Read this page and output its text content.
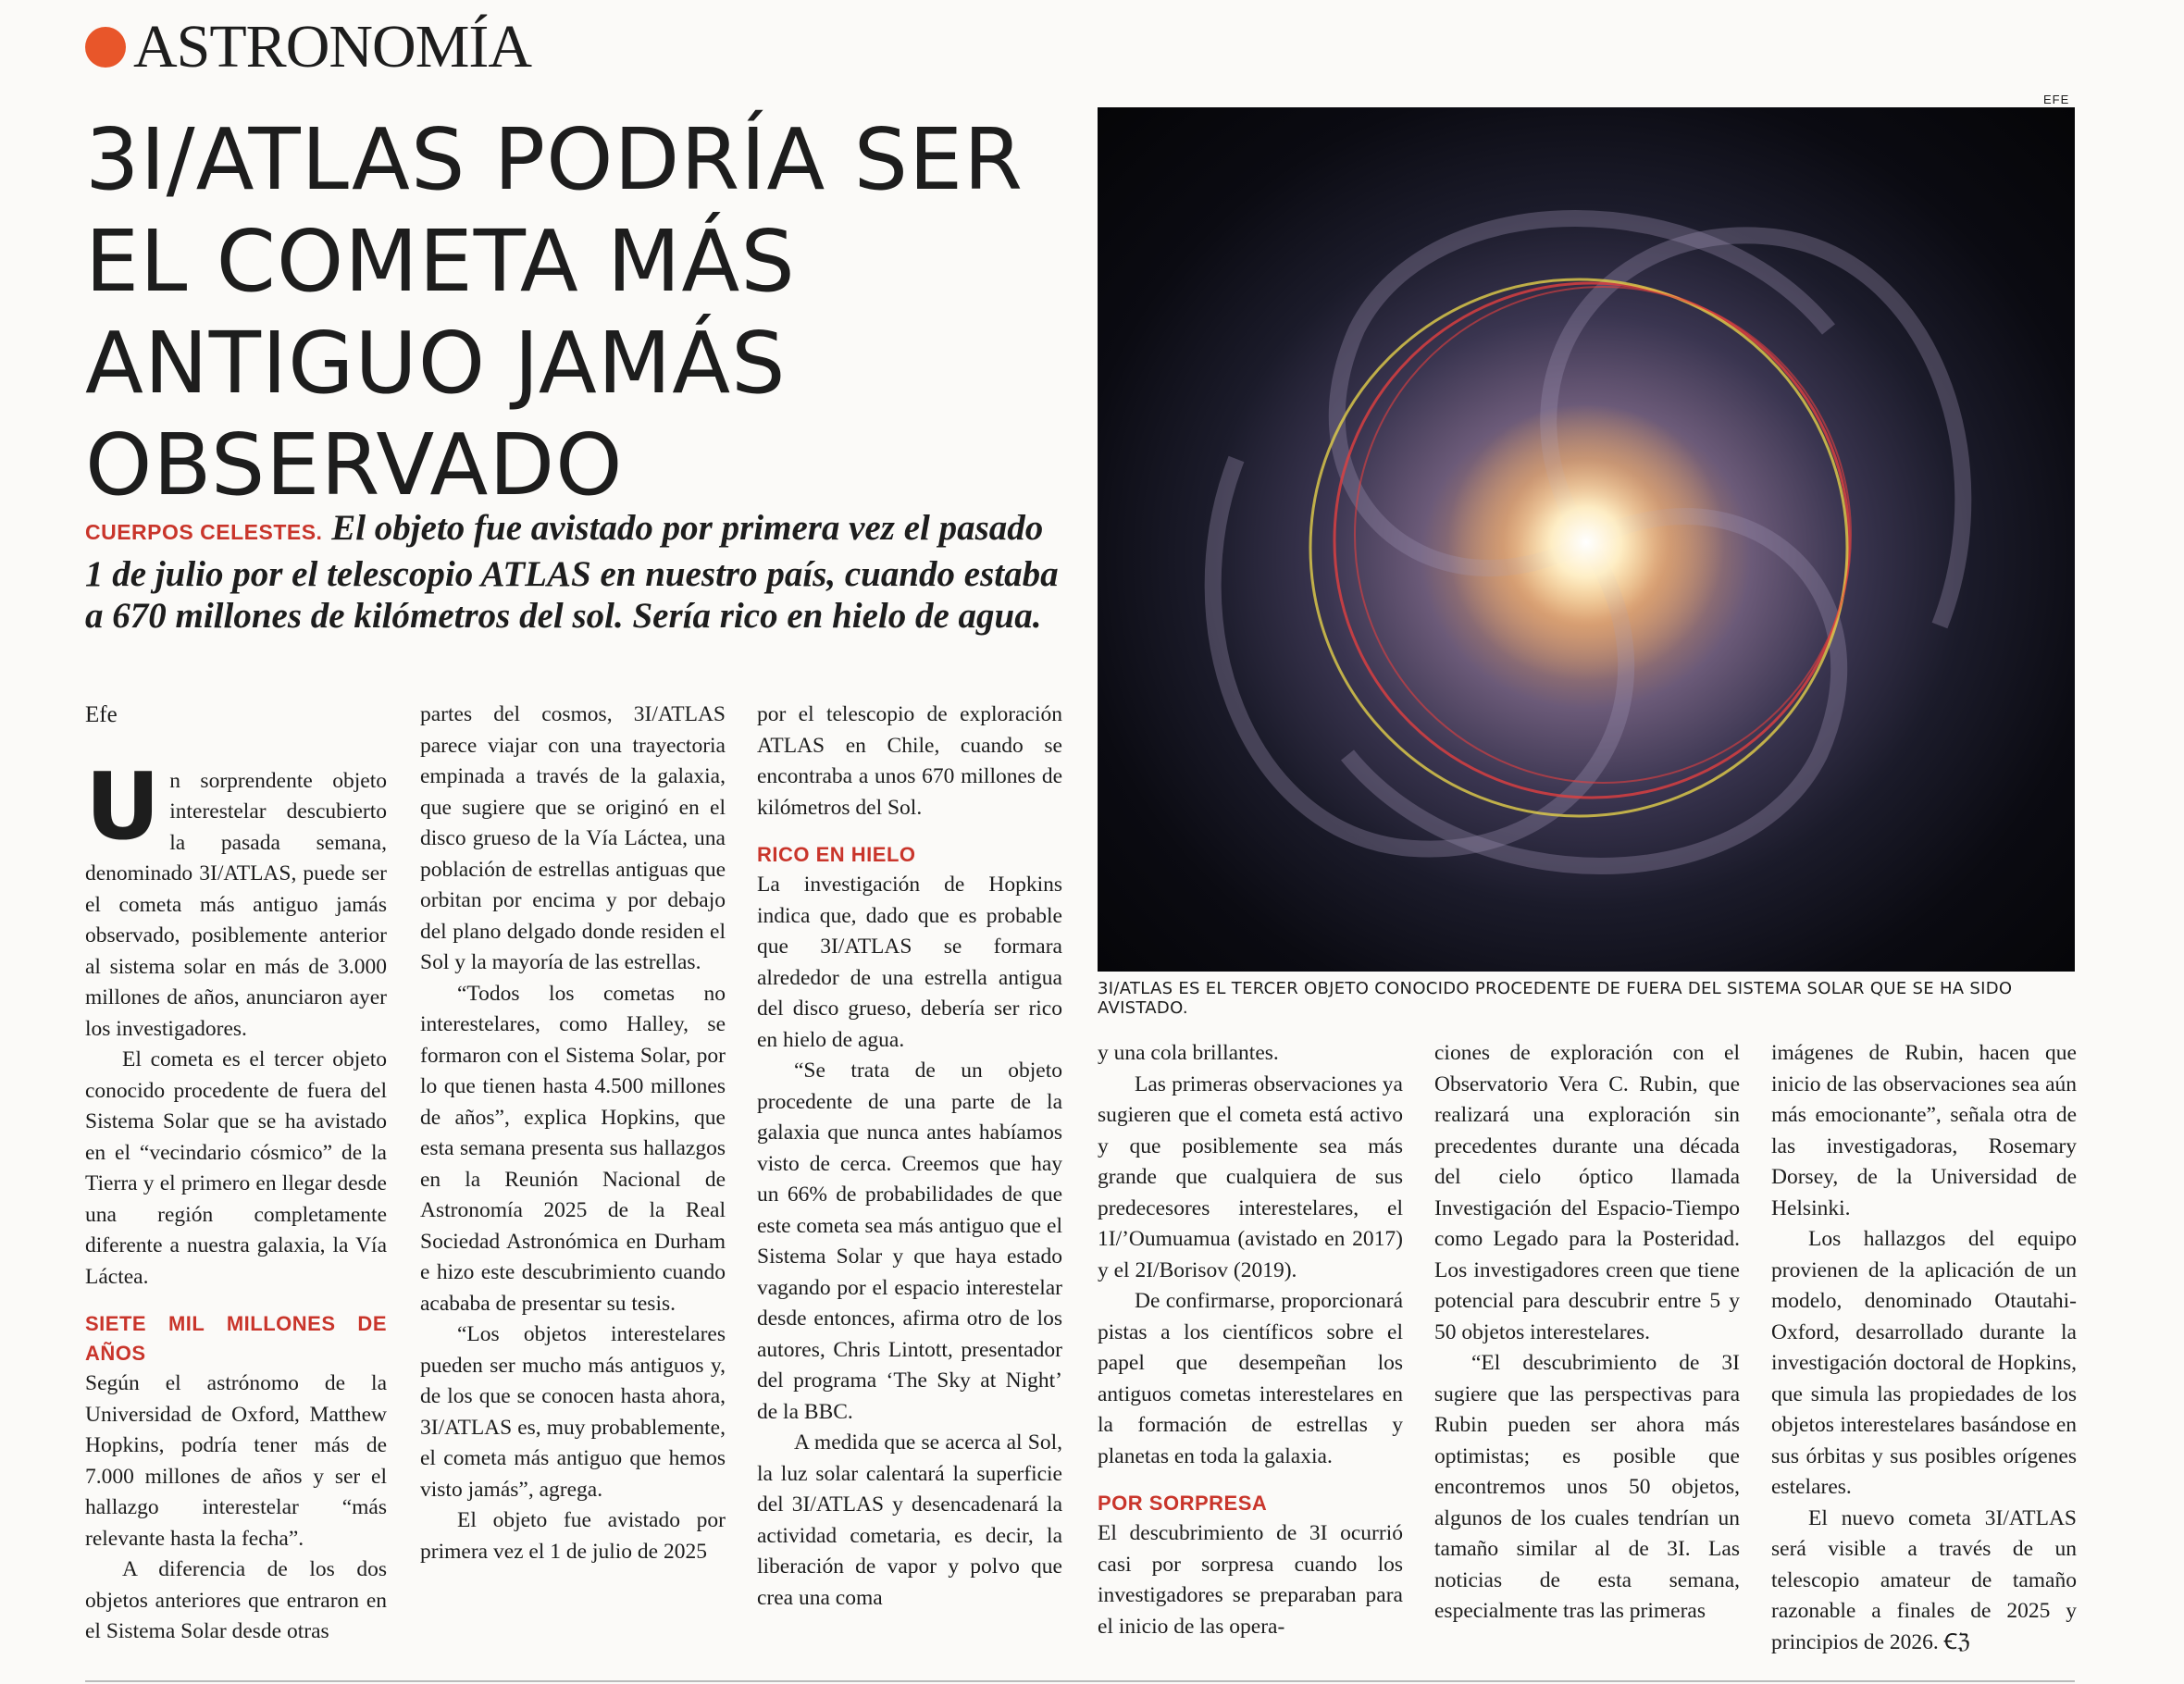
ASTRONOMÍA
3I/ATLAS PODRÍA SER EL COMETA MÁS ANTIGUO JAMÁS OBSERVADO

CUERPOS CELESTES. El objeto fue avistado por primera vez el pasado 1 de julio por el telescopio ATLAS en nuestro país, cuando estaba a 670 millones de kilómetros del sol. Sería rico en hielo de agua.

EFE
3I/ATLAS ES EL TERCER OBJETO CONOCIDO PROCEDENTE DE FUERA DEL SISTEMA SOLAR QUE SE HA SIDO AVISTADO.
Efe

Un sorprendente objeto interestelar descubierto la pasada semana, denominado 3I/ATLAS, puede ser el cometa más antiguo jamás observado, posiblemente anterior al sistema solar en más de 3.000 millones de años, anunciaron ayer los investigadores.

El cometa es el tercer objeto conocido procedente de fuera del Sistema Solar que se ha avistado en el “vecindario cósmico” de la Tierra y el primero en llegar desde una región completamente diferente a nuestra galaxia, la Vía Láctea.

SIETE MIL MILLONES DE AÑOS

Según el astrónomo de la Universidad de Oxford, Matthew Hopkins, podría tener más de 7.000 millones de años y ser el hallazgo interestelar “más relevante hasta la fecha”.

A diferencia de los dos objetos anteriores que entraron en el Sistema Solar desde otras

partes del cosmos, 3I/ATLAS parece viajar con una trayectoria empinada a través de la galaxia, que sugiere que se originó en el disco grueso de la Vía Láctea, una población de estrellas antiguas que orbitan por encima y por debajo del plano delgado donde residen el Sol y la mayoría de las estrellas.

“Todos los cometas no interestelares, como Halley, se formaron con el Sistema Solar, por lo que tienen hasta 4.500 millones de años”, explica Hopkins, que esta semana presenta sus hallazgos en la Reunión Nacional de Astronomía 2025 de la Real Sociedad Astronómica en Durham e hizo este descubrimiento cuando acababa de presentar su tesis.

“Los objetos interestelares pueden ser mucho más antiguos y, de los que se conocen hasta ahora, 3I/ATLAS es, muy probablemente, el cometa más antiguo que hemos visto jamás”, agrega.

El objeto fue avistado por primera vez el 1 de julio de 2025

por el telescopio de exploración ATLAS en Chile, cuando se encontraba a unos 670 millones de kilómetros del Sol.

RICO EN HIELO

La investigación de Hopkins indica que, dado que es probable que 3I/ATLAS se formara alrededor de una estrella antigua del disco grueso, debería ser rico en hielo de agua.

“Se trata de un objeto procedente de una parte de la galaxia que nunca antes habíamos visto de cerca. Creemos que hay un 66% de probabilidades de que este cometa sea más antiguo que el Sistema Solar y que haya estado vagando por el espacio interestelar desde entonces, afirma otro de los autores, Chris Lintott, presentador del programa ‘The Sky at Night’ de la BBC.

A medida que se acerca al Sol, la luz solar calentará la superficie del 3I/ATLAS y desencadenará la actividad cometaria, es decir, la liberación de vapor y polvo que crea una coma

y una cola brillantes.

Las primeras observaciones ya sugieren que el cometa está activo y que posiblemente sea más grande que cualquiera de sus predecesores interestelares, el 1I/’Oumuamua (avistado en 2017) y el 2I/Borisov (2019).

De confirmarse, proporcionará pistas a los científicos sobre el papel que desempeñan los antiguos cometas interestelares en la formación de estrellas y planetas en toda la galaxia.

POR SORPRESA

El descubrimiento de 3I ocurrió casi por sorpresa cuando los investigadores se preparaban para el inicio de las opera-

ciones de exploración con el Observatorio Vera C. Rubin, que realizará una exploración sin precedentes durante una década del cielo óptico llamada Investigación del Espacio-Tiempo como Legado para la Posteridad. Los investigadores creen que tiene potencial para descubrir entre 5 y 50 objetos interestelares.

“El descubrimiento de 3I sugiere que las perspectivas para Rubin pueden ser ahora más optimistas; es posible que encontremos unos 50 objetos, algunos de los cuales tendrían un tamaño similar al de 3I. Las noticias de esta semana, especialmente tras las primeras

imágenes de Rubin, hacen que inicio de las observaciones sea aún más emocionante”, señala otra de las investigadoras, Rosemary Dorsey, de la Universidad de Helsinki.

Los hallazgos del equipo provienen de la aplicación de un modelo, denominado Otautahi-Oxford, desarrollado durante la investigación doctoral de Hopkins, que simula las propiedades de los objetos interestelares basándose en sus órbitas y sus posibles orígenes estelares.

El nuevo cometa 3I/ATLAS será visible a través de un telescopio amateur de tamaño razonable a finales de 2025 y principios de 2026. Ꞓℨ
